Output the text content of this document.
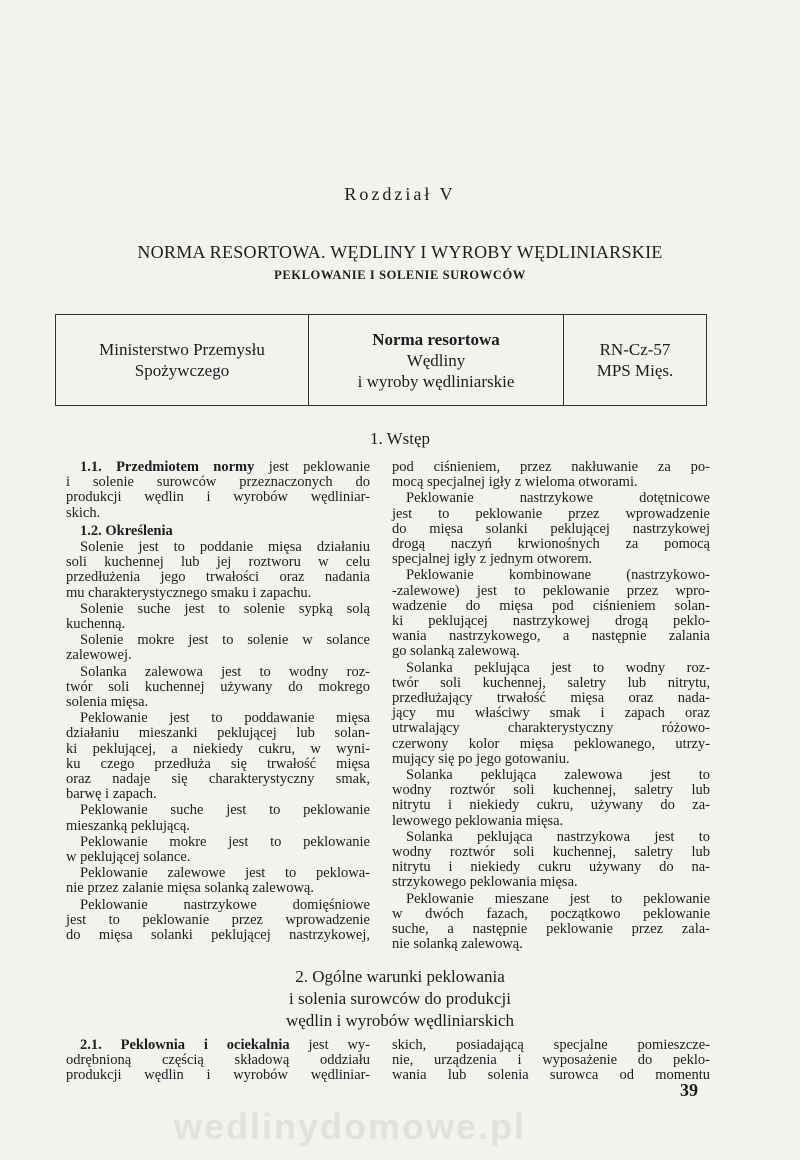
Rozdział V
NORMA RESORTOWA. WĘDLINY I WYROBY WĘDLINIARSKIE
PEKLOWANIE I SOLENIE SUROWCÓW
Ministerstwo Przemysłu
Spożywczego
Norma resortowa
Wędliny
i wyroby wędliniarskie
RN-Cz-57
MPS Mięs.
1. Wstęp
1.1. Przedmiotem normy jest peklowanie
i solenie surowców przeznaczonych do
produkcji wędlin i wyrobów wędliniar-
skich.
1.2. Określenia
Solenie jest to poddanie mięsa działaniu
soli kuchennej lub jej roztworu w celu
przedłużenia jego trwałości oraz nadania
mu charakterystycznego smaku i zapachu.
Solenie suche jest to solenie sypką solą
kuchenną.
Solenie mokre jest to solenie w solance
zalewowej.
Solanka zalewowa jest to wodny roz-
twór soli kuchennej używany do mokrego
solenia mięsa.
Peklowanie jest to poddawanie mięsa
działaniu mieszanki peklującej lub solan-
ki peklującej, a niekiedy cukru, w wyni-
ku czego przedłuża się trwałość mięsa
oraz nadaje się charakterystyczny smak,
barwę i zapach.
Peklowanie suche jest to peklowanie
mieszanką peklującą.
Peklowanie mokre jest to peklowanie
w peklującej solance.
Peklowanie zalewowe jest to peklowa-
nie przez zalanie mięsa solanką zalewową.
Peklowanie nastrzykowe domięśniowe
jest to peklowanie przez wprowadzenie
do mięsa solanki peklującej nastrzykowej,
pod ciśnieniem, przez nakłuwanie za po-
mocą specjalnej igły z wieloma otworami.
Peklowanie nastrzykowe dotętnicowe
jest to peklowanie przez wprowadzenie
do mięsa solanki peklującej nastrzykowej
drogą naczyń krwionośnych za pomocą
specjalnej igły z jednym otworem.
Peklowanie kombinowane (nastrzykowo-
-zalewowe) jest to peklowanie przez wpro-
wadzenie do mięsa pod ciśnieniem solan-
ki peklującej nastrzykowej drogą peklo-
wania nastrzykowego, a następnie zalania
go solanką zalewową.
Solanka peklująca jest to wodny roz-
twór soli kuchennej, saletry lub nitrytu,
przedłużający trwałość mięsa oraz nada-
jący mu właściwy smak i zapach oraz
utrwalający charakterystyczny różowo-
czerwony kolor mięsa peklowanego, utrzy-
mujący się po jego gotowaniu.
Solanka peklująca zalewowa jest to
wodny roztwór soli kuchennej, saletry lub
nitrytu i niekiedy cukru, używany do za-
lewowego peklowania mięsa.
Solanka peklująca nastrzykowa jest to
wodny roztwór soli kuchennej, saletry lub
nitrytu i niekiedy cukru używany do na-
strzykowego peklowania mięsa.
Peklowanie mieszane jest to peklowanie
w dwóch fazach, początkowo peklowanie
suche, a następnie peklowanie przez zala-
nie solanką zalewową.
2. Ogólne warunki peklowania
i solenia surowców do produkcji
wędlin i wyrobów wędliniarskich
2.1. Peklownia i ociekalnia jest wy-
odrębnioną częścią składową oddziału
produkcji wędlin i wyrobów wędliniar-
skich, posiadającą specjalne pomieszcze-
nie, urządzenia i wyposażenie do peklo-
wania lub solenia surowca od momentu
39
wedlinydomowe.pl
